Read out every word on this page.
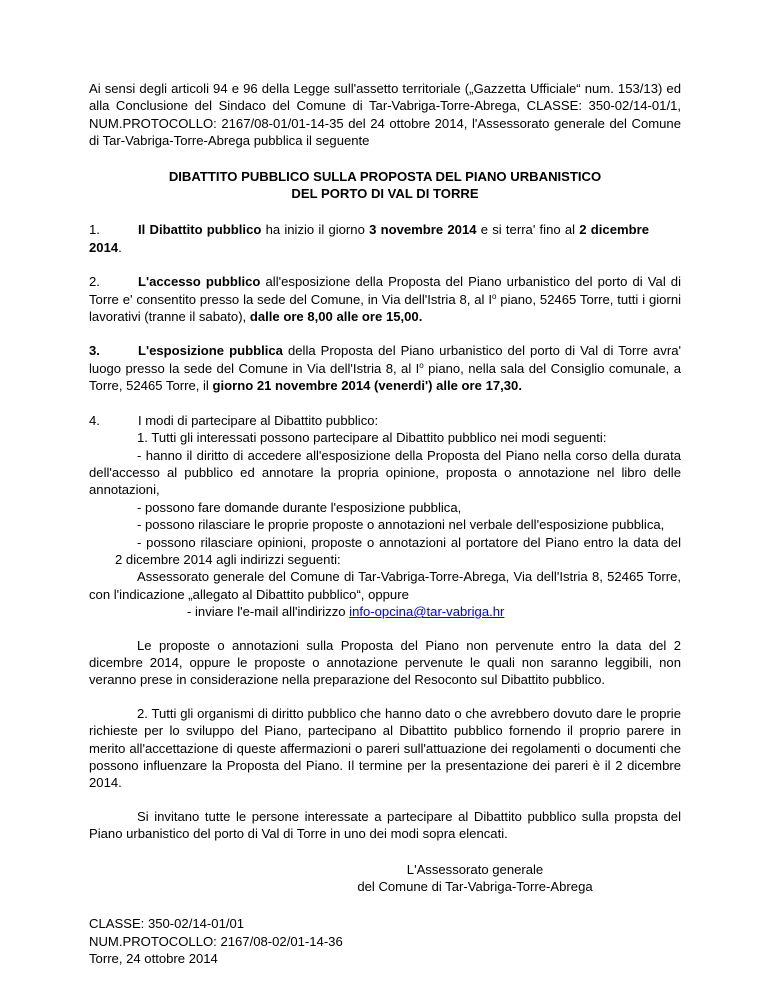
Ai sensi degli articoli 94 e 96 della Legge sull'assetto territoriale („Gazzetta Ufficiale“ num. 153/13) ed alla Conclusione del Sindaco del Comune di Tar-Vabriga-Torre-Abrega, CLASSE: 350-02/14-01/1, NUM.PROTOCOLLO: 2167/08-01/01-14-35 del 24 ottobre 2014, l'Assessorato generale del Comune di Tar-Vabriga-Torre-Abrega pubblica il seguente

DIBATTITO PUBBLICO SULLA PROPOSTA DEL PIANO URBANISTICO
DEL PORTO DI VAL DI TORRE

1.	Il Dibattito pubblico ha inizio il giorno 3 novembre 2014 e si terra' fino al 2 dicembre2014.

2.	L'accesso pubblico all'esposizione della Proposta del Piano urbanistico del porto di Val di Torre e' consentito presso la sede del Comune, in Via dell'Istria 8, al $I^o$ piano, 52465 Torre, tutti i giorni lavorativi (tranne il sabato), dalle ore 8,00 alle ore 15,00.

3.	L'esposizione pubblica della Proposta del Piano urbanistico del porto di Val di Torre avra' luogo presso la sede del Comune in Via dell'Istria 8, al $I^o$ piano, nella sala del Consiglio comunale, a Torre, 52465 Torre, il giorno 21 novembre 2014 (venerdi') alle ore 17,30.

4.	I modi di partecipare al Dibattito pubblico:

1. Tutti gli interessati possono partecipare al Dibattito pubblico nei modi seguenti:

- hanno il diritto di accedere all'esposizione della Proposta del Piano nella corso della durata dell'accesso al pubblico ed annotare la propria opinione, proposta o annotazione nel libro delle annotazioni,

- possono fare domande durante l'esposizione pubblica,

- possono rilasciare le proprie proposte o annotazioni nel verbale dell'esposizione pubblica,

- possono rilasciare opinioni, proposte o annotazioni al portatore del Piano entro la data del2 dicembre 2014 agli indirizzi seguenti:

Assessorato generale del Comune di Tar-Vabriga-Torre-Abrega, Via dell'Istria 8, 52465 Torre, con l'indicazione „allegato al Dibattito pubblico“, oppure

- inviare l'e-mail all'indirizzo info-opcina@tar-vabriga.hr

Le proposte o annotazioni sulla Proposta del Piano non pervenute entro la data del 2 dicembre 2014, oppure le proposte o annotazione pervenute le quali non saranno leggibili, non veranno prese in considerazione nella preparazione del Resoconto sul Dibattito pubblico.

2. Tutti gli organismi di diritto pubblico che hanno dato o che avrebbero dovuto dare le proprie richieste per lo sviluppo del Piano, partecipano al Dibattito pubblico fornendo il proprio parere in merito all'accettazione di queste affermazioni o pareri sull'attuazione dei regolamenti o documenti che possono influenzare la Proposta del Piano. Il termine per la presentazione dei pareri è il 2 dicembre 2014.

Si invitano tutte le persone interessate a partecipare al Dibattito pubblico sulla propsta del Piano urbanistico del porto di Val di Torre in uno dei modi sopra elencati.

L'Assessorato generale
del Comune di Tar-Vabriga-Torre-Abrega
CLASSE: 350-02/14-01/01
NUM.PROTOCOLLO: 2167/08-02/01-14-36
Torre, 24 ottobre 2014
